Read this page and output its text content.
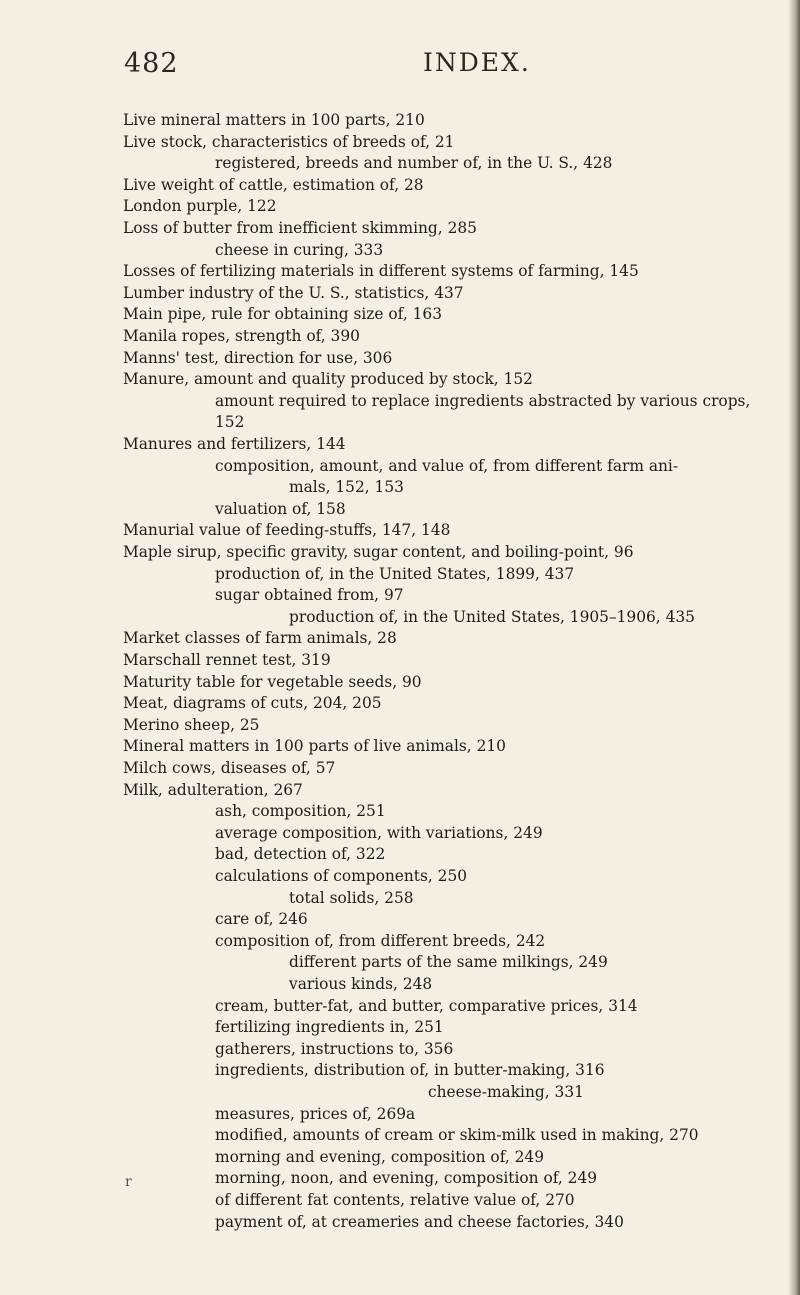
482	INDEX.
Live mineral matters in 100 parts, 210
Live stock, characteristics of breeds of, 21
registered, breeds and number of, in the U. S., 428
Live weight of cattle, estimation of, 28
London purple, 122
Loss of butter from inefficient skimming, 285
cheese in curing, 333
Losses of fertilizing materials in different systems of farming, 145
Lumber industry of the U. S., statistics, 437
Main pipe, rule for obtaining size of, 163
Manila ropes, strength of, 390
Manns' test, direction for use, 306
Manure, amount and quality produced by stock, 152
amount required to replace ingredients abstracted by various crops,
152
Manures and fertilizers, 144
composition, amount, and value of, from different farm ani-
mals, 152, 153
valuation of, 158
Manurial value of feeding-stuffs, 147, 148
Maple sirup, specific gravity, sugar content, and boiling-point, 96
production of, in the United States, 1899, 437
sugar obtained from, 97
production of, in the United States, 1905–1906, 435
Market classes of farm animals, 28
Marschall rennet test, 319
Maturity table for vegetable seeds, 90
Meat, diagrams of cuts, 204, 205
Merino sheep, 25
Mineral matters in 100 parts of live animals, 210
Milch cows, diseases of, 57
Milk, adulteration, 267
ash, composition, 251
average composition, with variations, 249
bad, detection of, 322
calculations of components, 250
total solids, 258
care of, 246
composition of, from different breeds, 242
different parts of the same milkings, 249
various kinds, 248
cream, butter-fat, and butter, comparative prices, 314
fertilizing ingredients in, 251
gatherers, instructions to, 356
ingredients, distribution of, in butter-making, 316
cheese-making, 331
measures, prices of, 269a
modified, amounts of cream or skim-milk used in making, 270
morning and evening, composition of, 249
morning, noon, and evening, composition of, 249
of different fat contents, relative value of, 270
payment of, at creameries and cheese factories, 340
r
